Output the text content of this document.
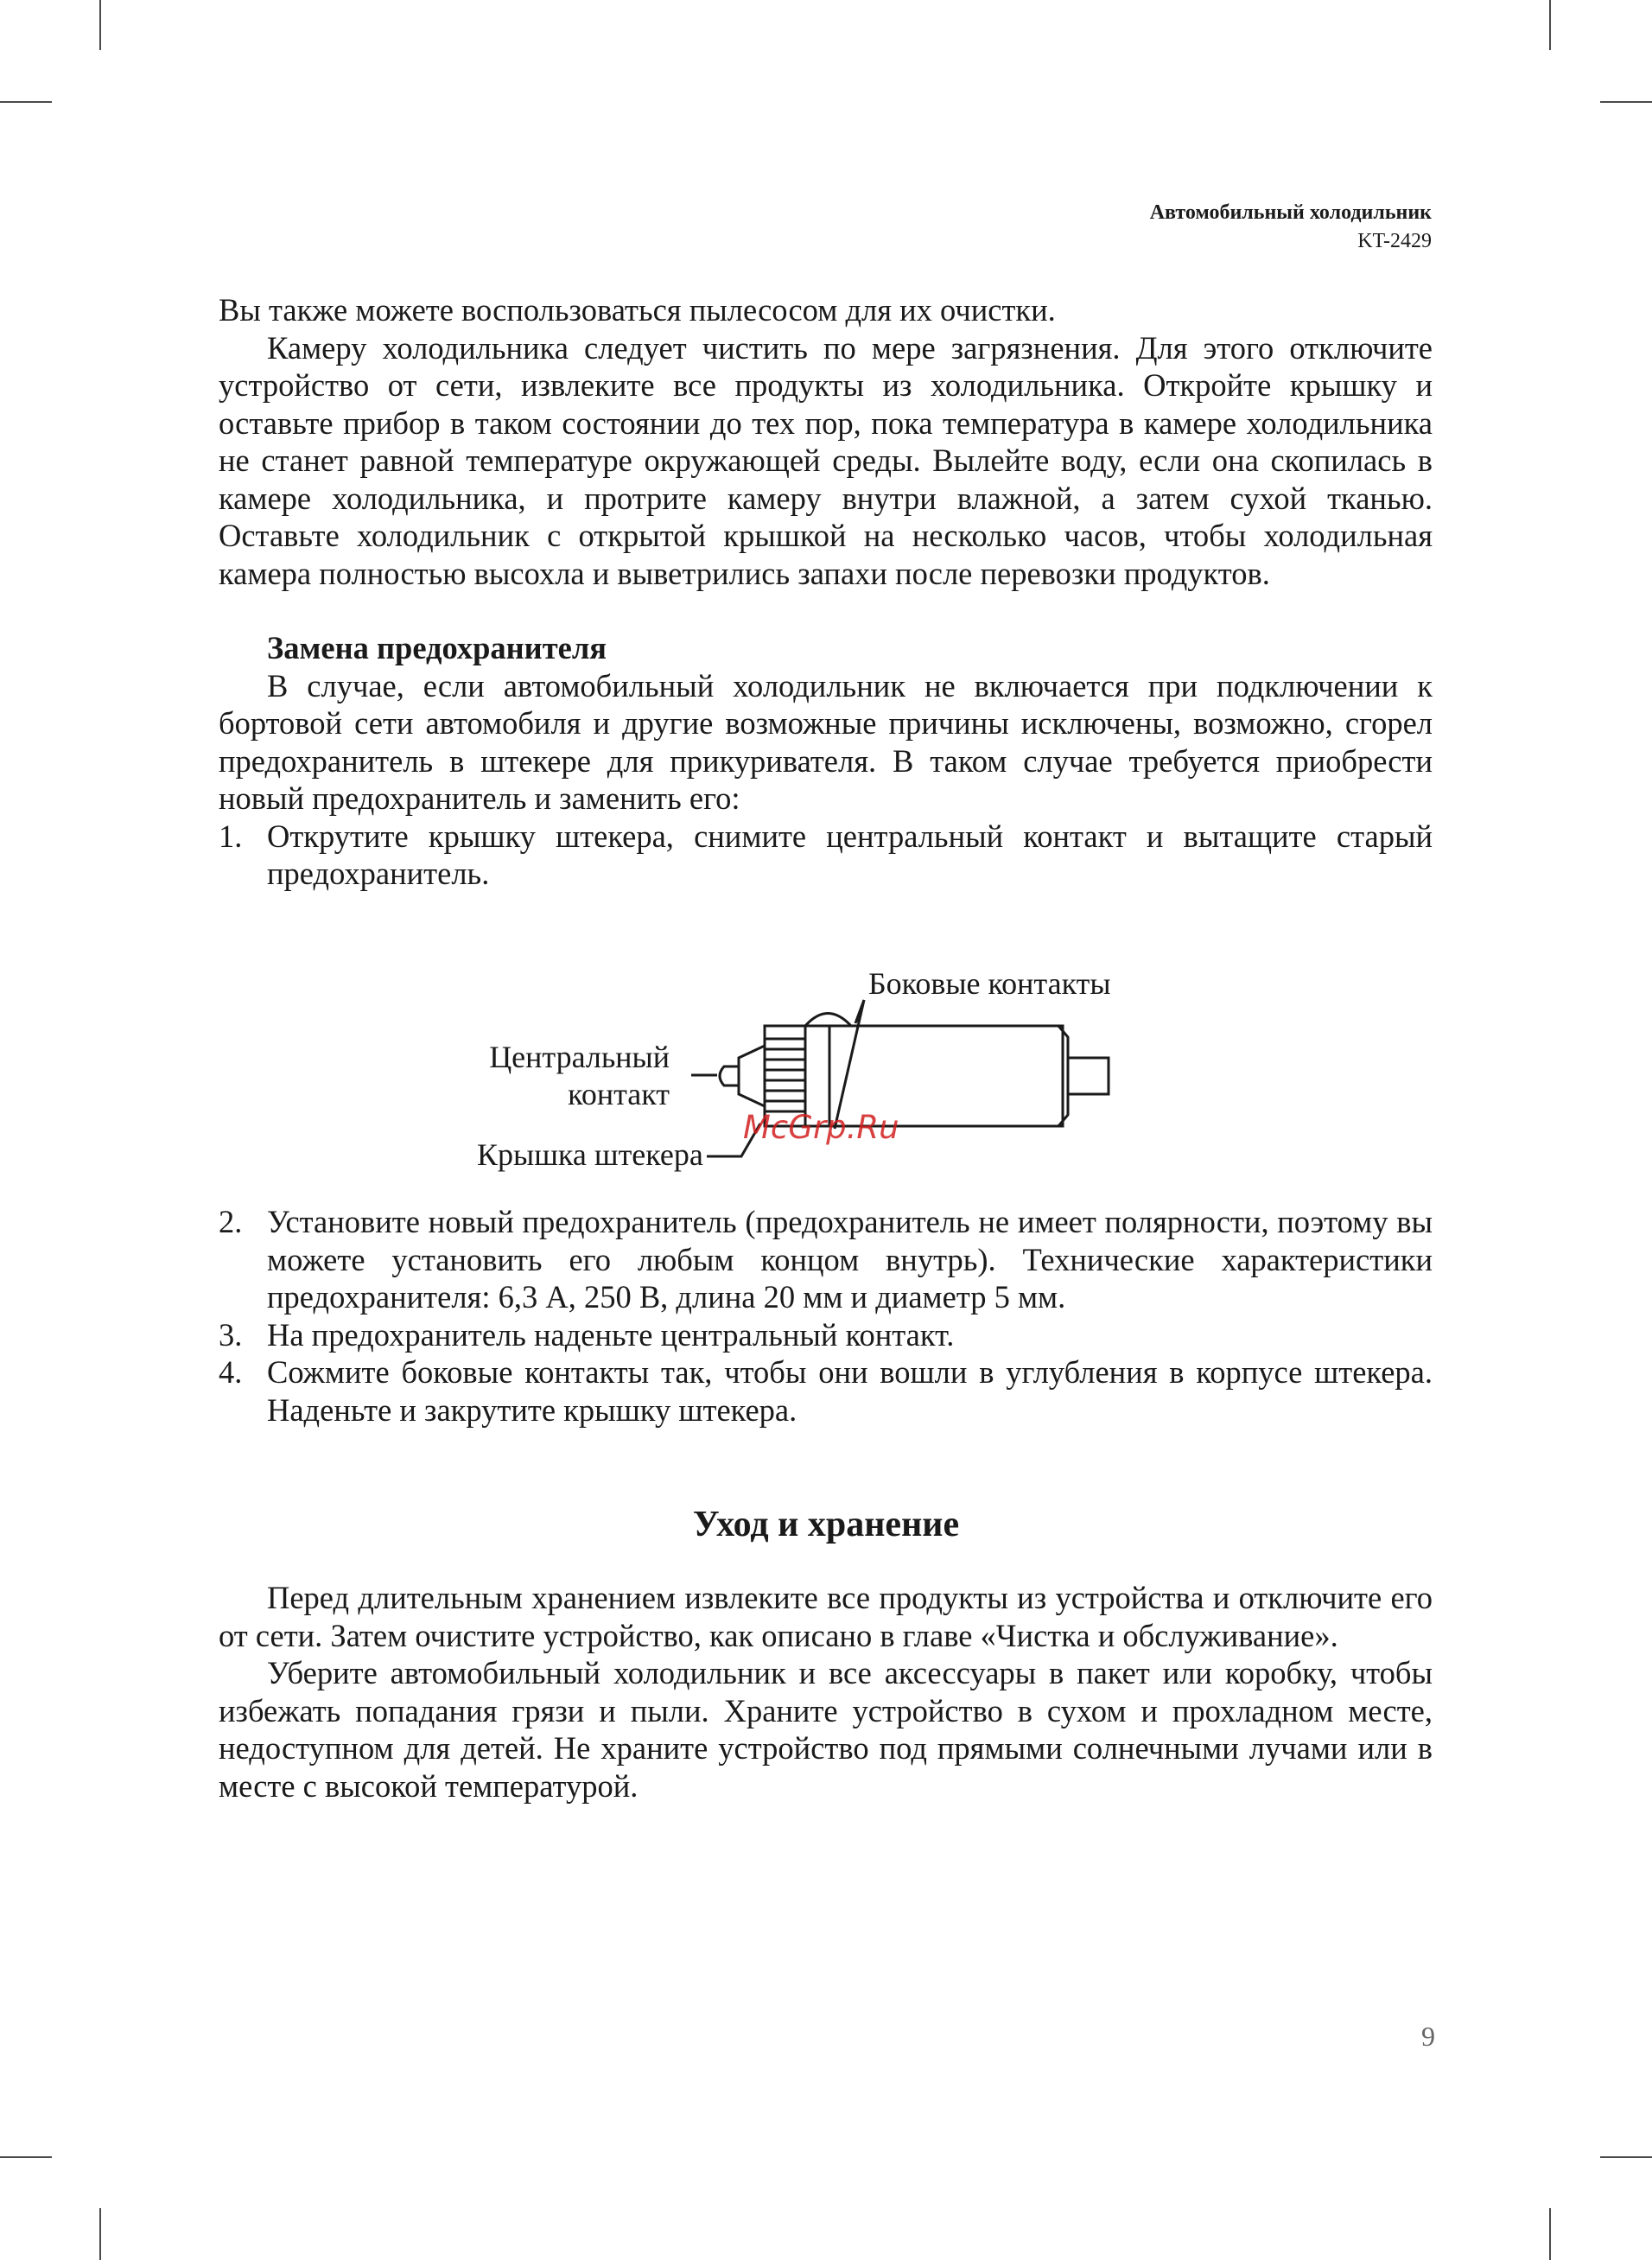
Автомобильный холодильник
KT-2429

Вы также можете воспользоваться пылесосом для их очистки.

Камеру холодильника следует чистить по мере загрязнения. Для этого отключите устройство от сети, извлеките все продукты из холодильника. Откройте крышку и оставьте прибор в таком состоянии до тех пор, пока температура в камере холодильника не станет равной температуре окружающей среды. Вылейте воду, если она скопилась в камере холодильника, и протрите камеру внутри влажной, а затем сухой тканью. Оставьте холодильник с открытой крышкой на несколько часов, чтобы холодильная камера полностью высохла и выветрились запахи после перевозки продуктов.

Замена предохранителя

В случае, если автомобильный холодильник не включается при подключении к бортовой сети автомобиля и другие возможные причины исключены, возможно, сгорел предохранитель в штекере для прикуривателя. В таком случае требуется приобрести новый предохранитель и заменить его:

1. Открутите крышку штекера, снимите центральный контакт и вытащите старый предохранитель.
Боковые контакты
Центральный
контакт
Крышка штекера
McGrp.Ru
2. Установите новый предохранитель (предохранитель не имеет полярности, поэтому вы можете установить его любым концом внутрь). Технические характеристики предохранителя: 6,3 А, 250 В, длина 20 мм и диаметр 5 мм.
3. На предохранитель наденьте центральный контакт.
4. Сожмите боковые контакты так, чтобы они вошли в углубления в корпусе штекера. Наденьте и закрутите крышку штекера.
Уход и хранение

Перед длительным хранением извлеките все продукты из устройства и отключите его от сети. Затем очистите устройство, как описано в главе «Чистка и обслуживание».

Уберите автомобильный холодильник и все аксессуары в пакет или коробку, чтобы избежать попадания грязи и пыли. Храните устройство в сухом и прохладном месте, недоступном для детей. Не храните устройство под прямыми солнечными лучами или в месте с высокой температурой.

9
